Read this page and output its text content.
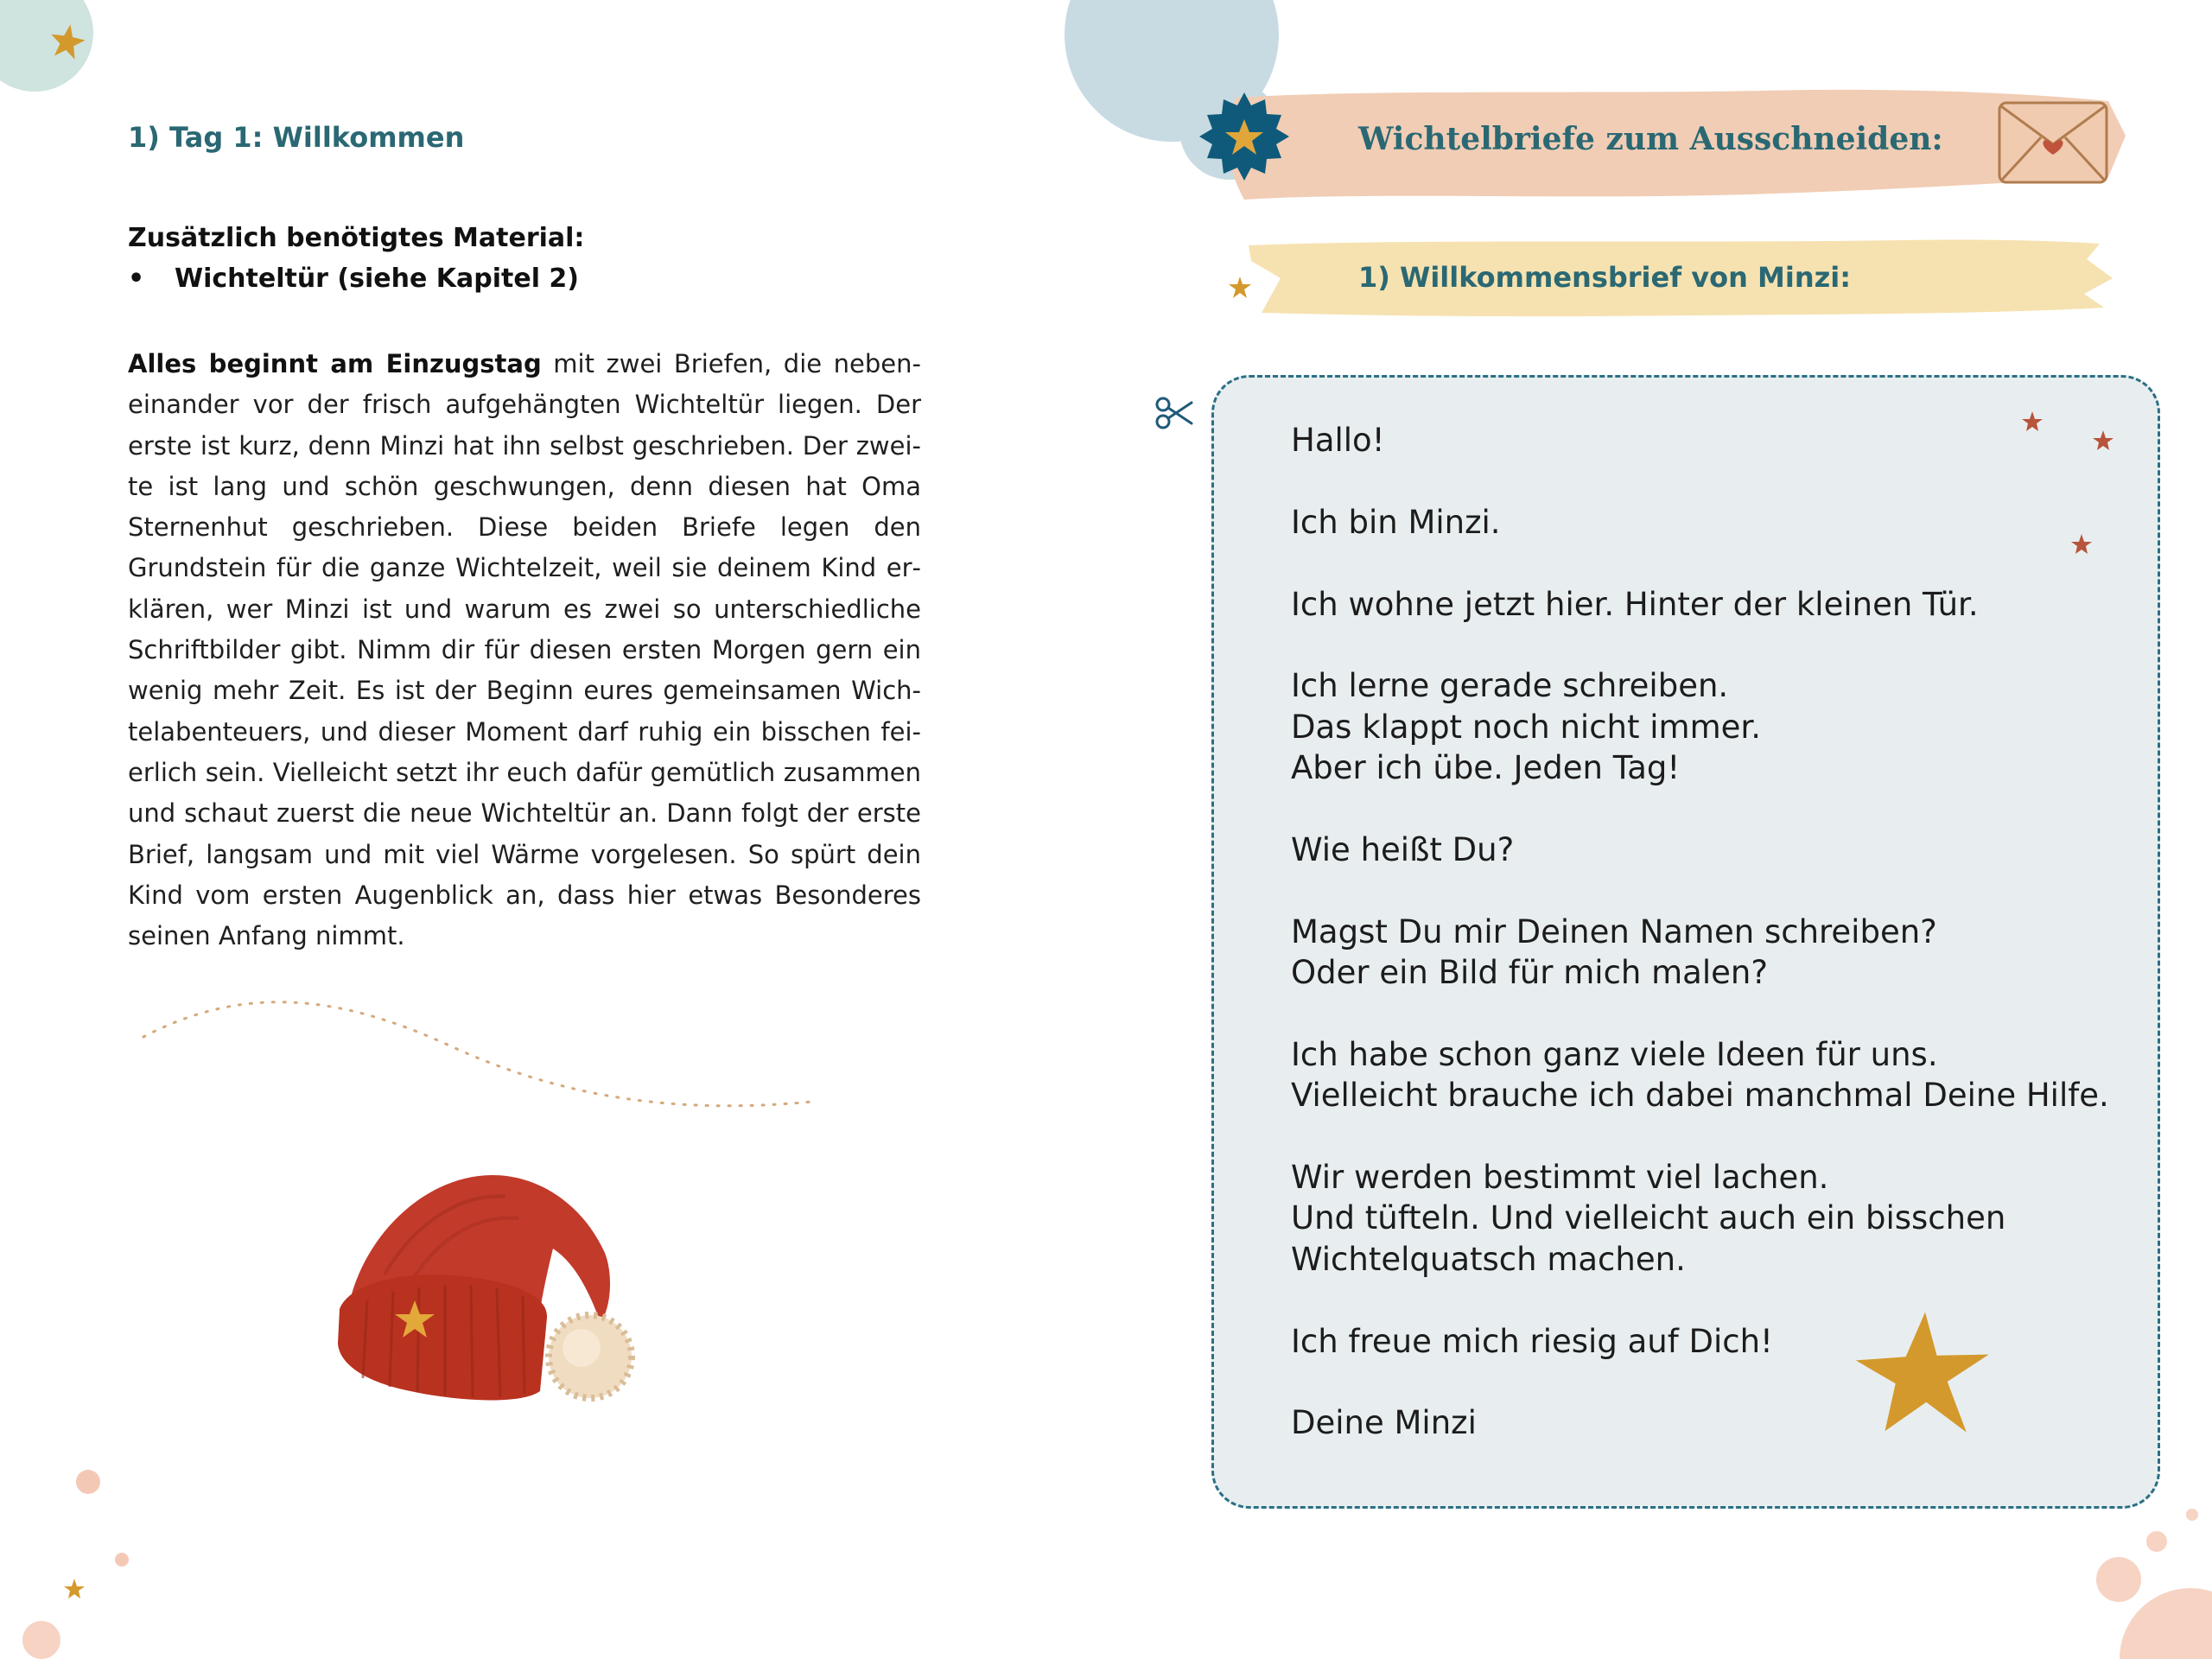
1) Tag 1: Willkommen
Zusätzlich benötigtes Material:
• Wichteltür (siehe Kapitel 2)
Alles beginnt am Einzugstag mit zwei Briefen, die nebeneinander vor der frisch aufgehängten Wichteltür liegen. Der erste ist kurz, denn Minzi hat ihn selbst geschrieben. Der zweite ist lang und schön geschwungen, denn diesen hat Oma Sternenhut geschrieben. Diese beiden Briefe legen den Grundstein für die ganze Wichtelzeit, weil sie deinem Kind erklären, wer Minzi ist und warum es zwei so unterschiedliche Schriftbilder gibt. Nimm dir für diesen ersten Morgen gern ein wenig mehr Zeit. Es ist der Beginn eures gemeinsamen Wichtelabenteuers, und dieser Moment darf ruhig ein bisschen feierlich sein. Vielleicht setzt ihr euch dafür gemütlich zusammen und schaut zuerst die neue Wichteltür an. Dann folgt der erste Brief, langsam und mit viel Wärme vorgelesen. So spürt dein Kind vom ersten Augenblick an, dass hier etwas Besonderes seinen Anfang nimmt.
Wichtelbriefe zum Ausschneiden:
1) Willkommensbrief von Minzi:
Hallo!
Ich bin Minzi.
Ich wohne jetzt hier. Hinter der kleinen Tür.
Ich lerne gerade schreiben.
Das klappt noch nicht immer.
Aber ich übe. Jeden Tag!
Wie heißt Du?
Magst Du mir Deinen Namen schreiben?
Oder ein Bild für mich malen?
Ich habe schon ganz viele Ideen für uns.
Vielleicht brauche ich dabei manchmal Deine Hilfe.
Wir werden bestimmt viel lachen.
Und tüfteln. Und vielleicht auch ein bisschen
Wichtelquatsch machen.
Ich freue mich riesig auf Dich!
Deine Minzi
